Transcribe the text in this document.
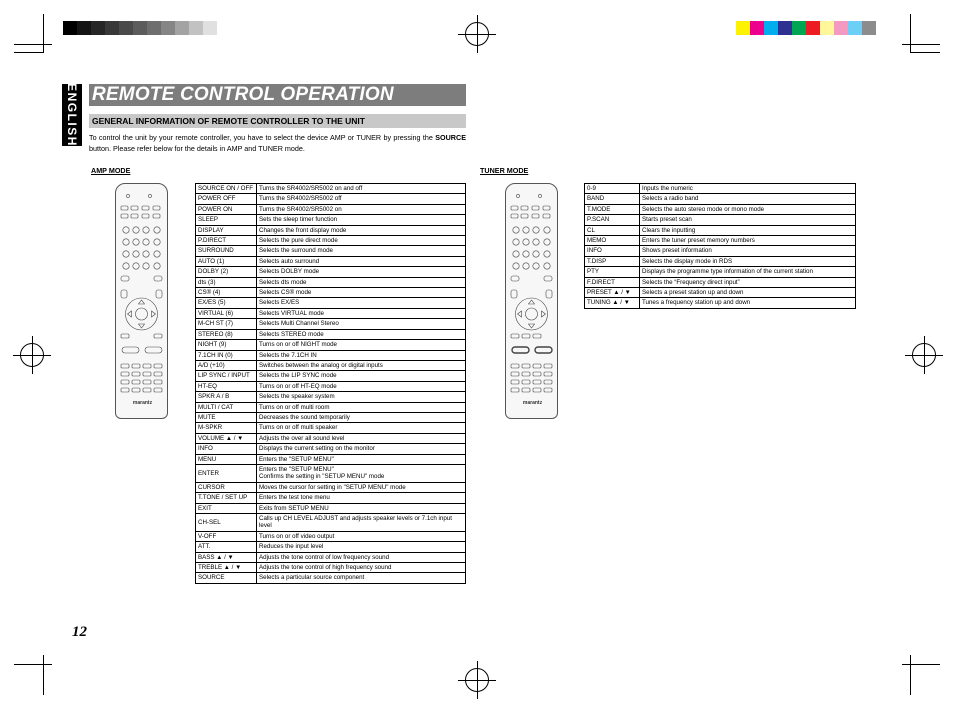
ENGLISH REMOTE CONTROL OPERATION
GENERAL INFORMATION OF REMOTE CONTROLLER TO THE UNIT

To control the unit by your remote controller, you have to select the device AMP or TUNER by pressing the SOURCE button. Please refer below for the details in AMP and TUNER mode.

AMP MODE	TUNER MODE
marantz
SOURCE ON / OFF	Turns the SR4002/SR5002 on and off
POWER OFF	Turns the SR4002/SR5002 off
POWER ON	Turns the SR4002/SR5002 on
SLEEP	Sets the sleep timer function
DISPLAY	Changes the front display mode
P.DIRECT	Selects the pure direct mode
SURROUND	Selects the surround mode
AUTO (1)	Selects auto surround
DOLBY (2)	Selects DOLBY mode
dts (3)	Selects dts mode
CS® (4)	Selects CS® mode
EX/ES (5)	Selects EX/ES
VIRTUAL (6)	Selects VIRTUAL mode
M-CH ST (7)	Selects Multi Channel Stereo
STEREO (8)	Selects STEREO mode
NIGHT (9)	Turns on or off NIGHT mode
7.1CH IN (0)	Selects the 7.1CH IN
A/D (+10)	Switches between the analog or digital inputs
LIP SYNC / INPUT	Selects the LIP SYNC mode
HT-EQ	Turns on or off HT-EQ mode
SPKR A / B	Selects the speaker system
MULTI / CAT	Turns on or off multi room
MUTE	Decreases the sound temporarily
M-SPKR	Turns on or off multi speaker
VOLUME ▲ / ▼	Adjusts the over all sound level
INFO	Displays the current setting on the monitor
MENU	Enters the "SETUP MENU"
ENTER	Enters the "SETUP MENU"
Confirms the setting in "SETUP MENU" mode
CURSOR	Moves the cursor for setting in "SETUP MENU" mode
T.TONE / SET UP	Enters the test tone menu
EXIT	Exits from SETUP MENU
CH-SEL	Calls up CH LEVEL ADJUST and adjusts speaker levels or 7.1ch input level
V-OFF	Turns on or off video output
ATT.	Reduces the input level
BASS ▲ / ▼	Adjusts the tone control of low frequency sound
TREBLE ▲ / ▼	Adjusts the tone control of high frequency sound
SOURCE	Selects a particular source component
marantz
0-9	Inputs the numeric
BAND	Selects a radio band
T.MODE	Selects the auto stereo mode or mono mode
P.SCAN	Starts preset scan
CL	Clears the inputting
MEMO	Enters the tuner preset memory numbers
INFO	Shows preset information
T.DISP	Selects the display mode in RDS
PTY	Displays the programme type information of the current station
F.DIRECT	Selects the “Frequency direct input”
PRESET ▲ / ▼	Selects a preset station up and down
TUNING ▲ / ▼	Tunes a frequency station up and down
12
